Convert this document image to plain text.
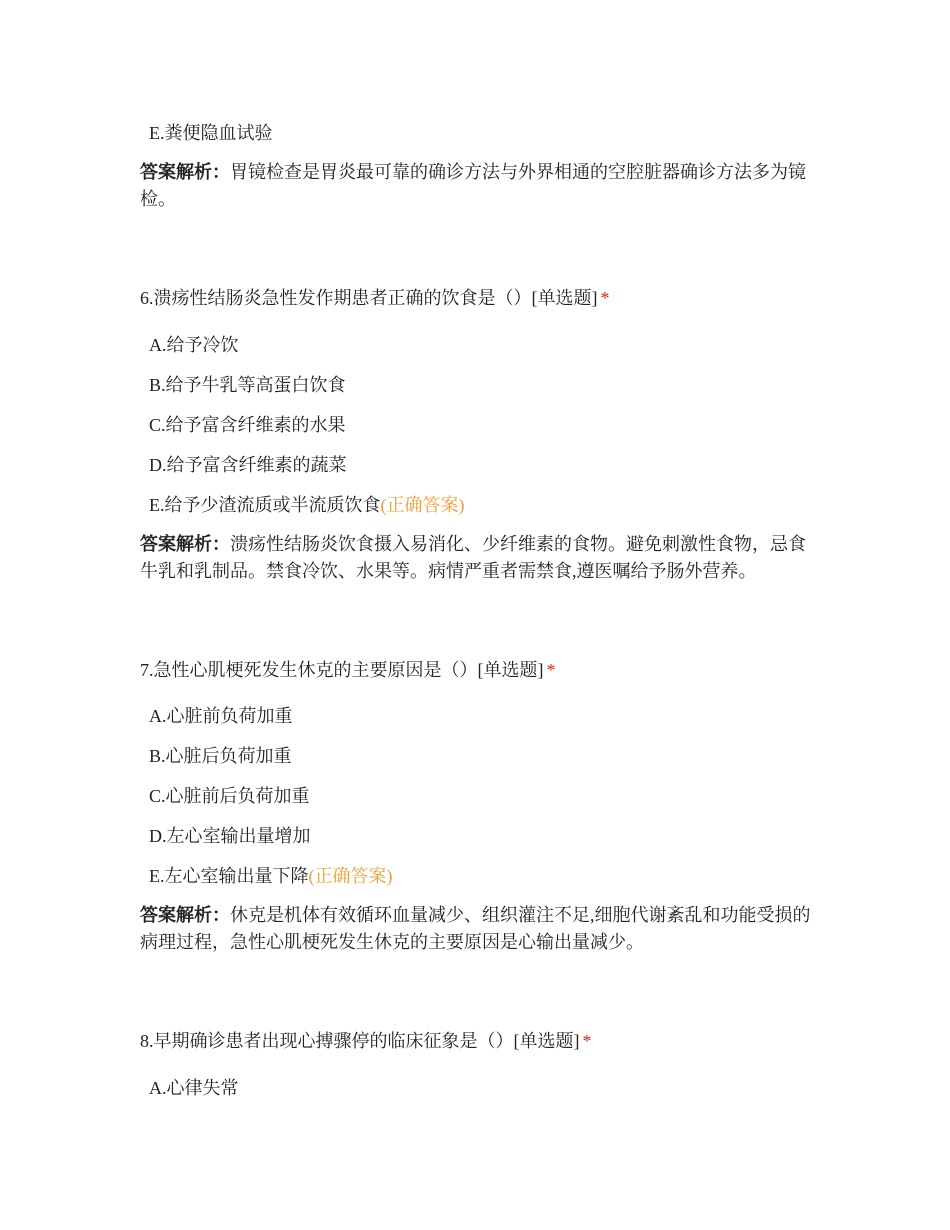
E.粪便隐血试验
答案解析：胃镜检查是胃炎最可靠的确诊方法与外界相通的空腔脏器确诊方法多为镜检。
6.溃疡性结肠炎急性发作期患者正确的饮食是（）[单选题] *
A.给予冷饮
B.给予牛乳等高蛋白饮食
C.给予富含纤维素的水果
D.给予富含纤维素的蔬菜
E.给予少渣流质或半流质饮食(正确答案)
答案解析：溃疡性结肠炎饮食摄入易消化、少纤维素的食物。避免刺激性食物，忌食牛乳和乳制品。禁食冷饮、水果等。病情严重者需禁食,遵医嘱给予肠外营养。
7.急性心肌梗死发生休克的主要原因是（）[单选题] *
A.心脏前负荷加重
B.心脏后负荷加重
C.心脏前后负荷加重
D.左心室输出量增加
E.左心室输出量下降(正确答案)
答案解析：休克是机体有效循环血量减少、组织灌注不足,细胞代谢紊乱和功能受损的病理过程，急性心肌梗死发生休克的主要原因是心输出量减少。
8.早期确诊患者出现心搏骤停的临床征象是（）[单选题] *
A.心律失常
